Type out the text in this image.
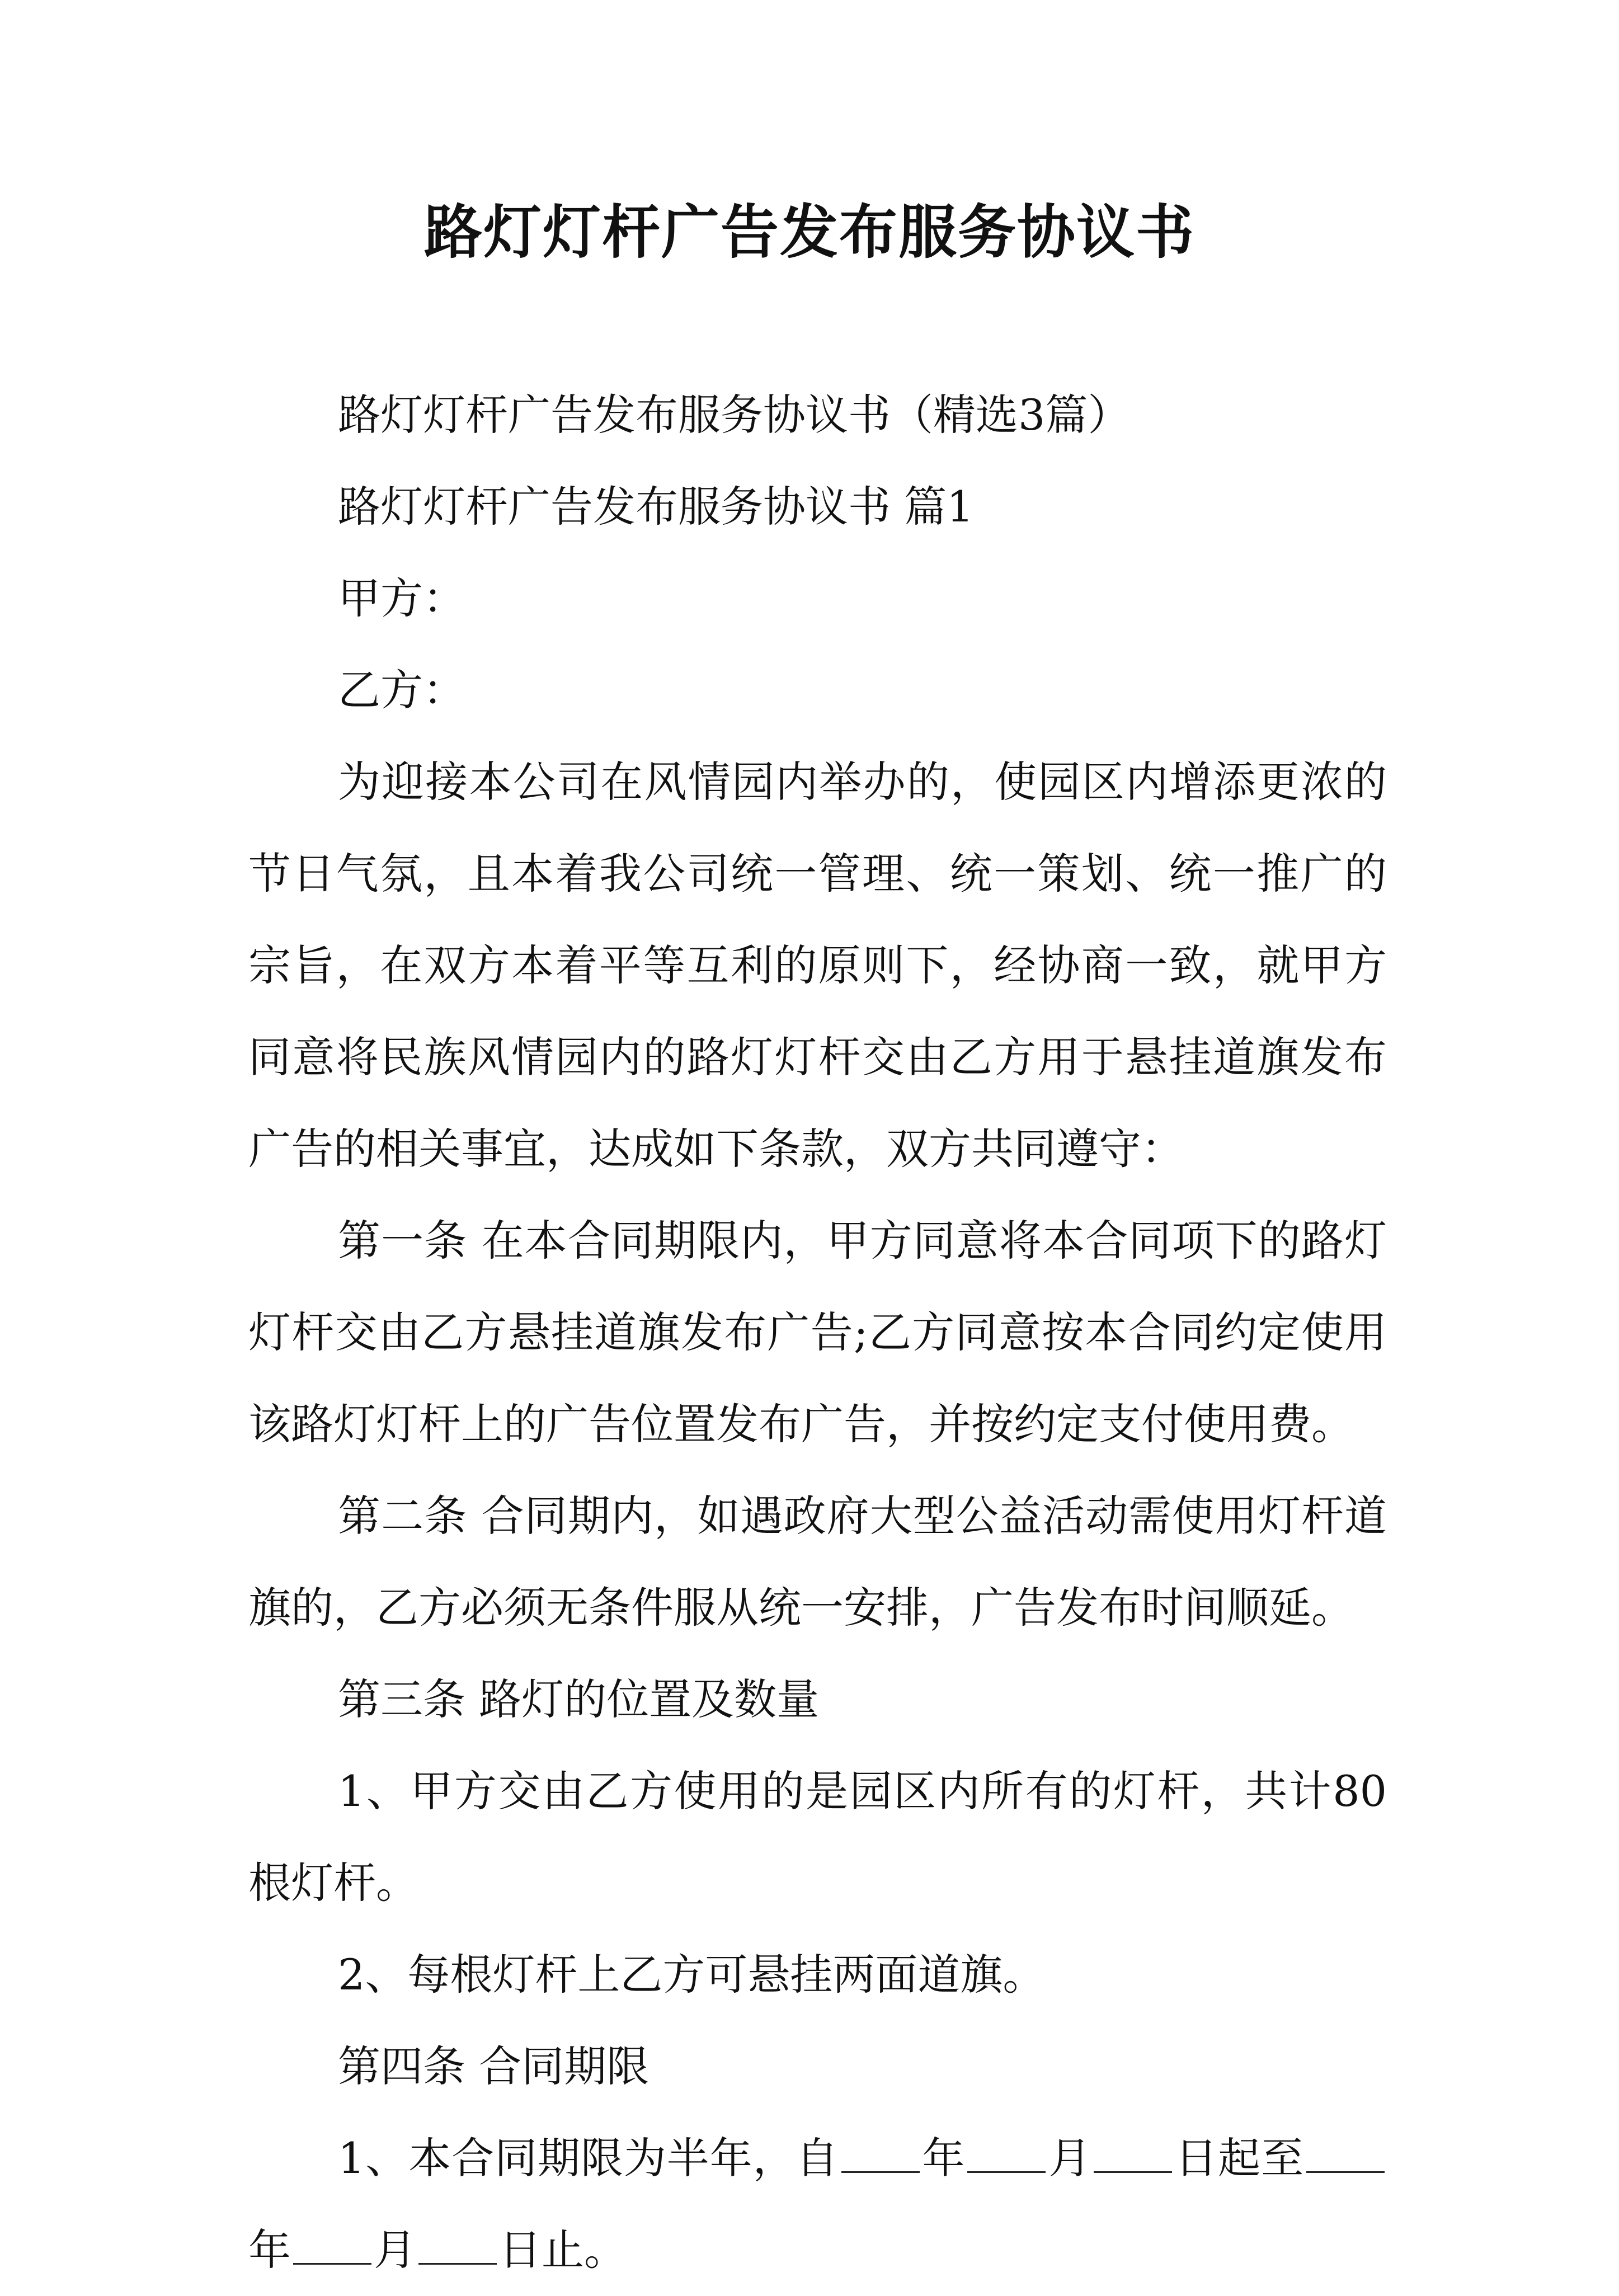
路灯灯杆广告发布服务协议书

路灯灯杆广告发布服务协议书（精选3篇）

路灯灯杆广告发布服务协议书 篇1

甲方：

乙方：

为迎接本公司在风情园内举办的，使园区内增添更浓的节日气氛，且本着我公司统一管理、统一策划、统一推广的宗旨，在双方本着平等互利的原则下，经协商一致，就甲方同意将民族风情园内的路灯灯杆交由乙方用于悬挂道旗发布广告的相关事宜，达成如下条款，双方共同遵守：

第一条 在本合同期限内，甲方同意将本合同项下的路灯灯杆交由乙方悬挂道旗发布广告;乙方同意按本合同约定使用该路灯灯杆上的广告位置发布广告，并按约定支付使用费。

第二条 合同期内，如遇政府大型公益活动需使用灯杆道旗的，乙方必须无条件服从统一安排，广告发布时间顺延。

第三条 路灯的位置及数量

1、甲方交由乙方使用的是园区内所有的灯杆，共计80根灯杆。

2、每根灯杆上乙方可悬挂两面道旗。

第四条 合同期限

1、本合同期限为半年，自 年 月 日起至年 月 日止。
